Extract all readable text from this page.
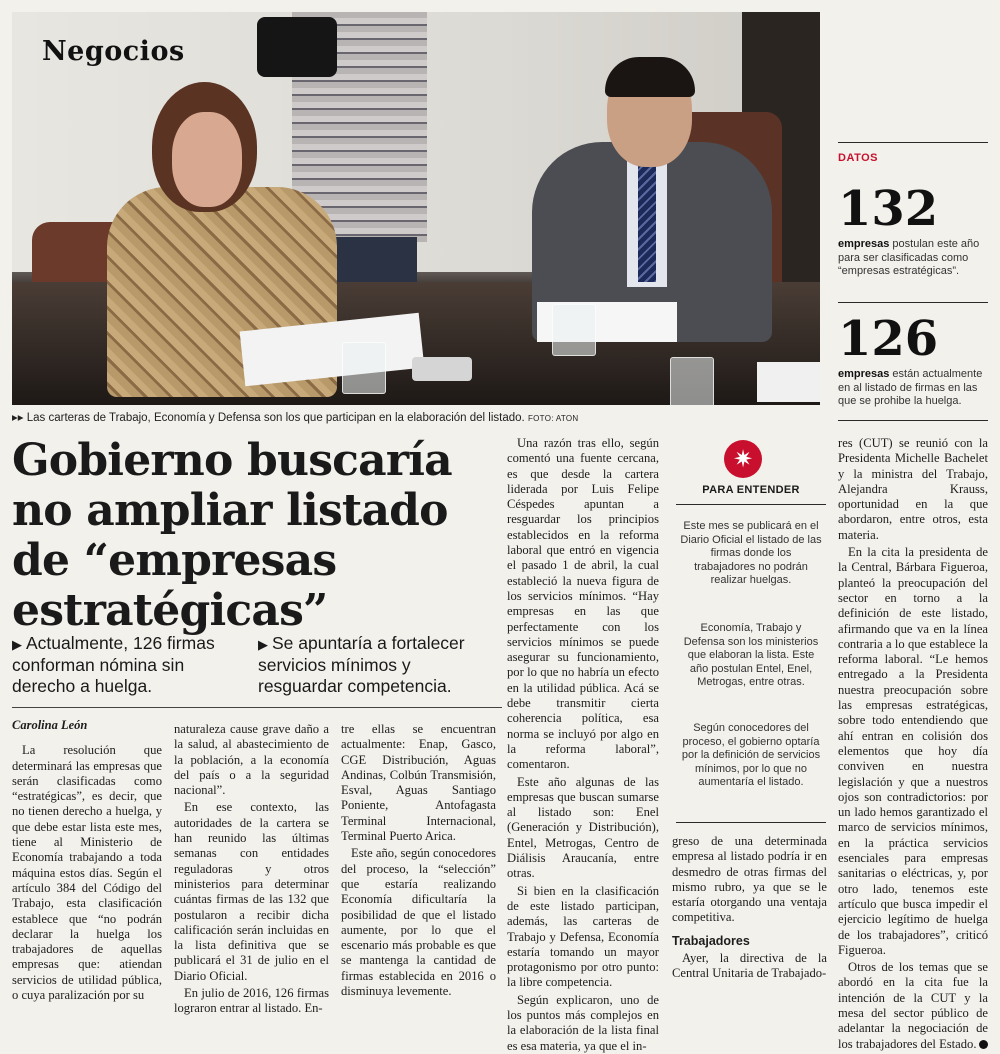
Negocios
▸▸ Las carteras de Trabajo, Economía y Defensa son los que participan en la elaboración del listado. FOTO: ATON
Gobierno buscaría no ampliar listado de “empresas estratégicas”
▶ Actualmente, 126 firmas conforman nómina sin derecho a huelga.
▶ Se apuntaría a fortalecer servicios mínimos y resguardar competencia.

Carolina León

La resolución que determinará las empresas que serán clasificadas como “estratégicas”, es decir, que no tienen derecho a huelga, y que debe estar lista este mes, tiene al Ministerio de Economía trabajando a toda máquina estos días. Según el artículo 384 del Código del Trabajo, esta clasificación establece que “no podrán declarar la huelga los trabajadores de aquellas empresas que: atiendan servicios de utilidad pública, o cuya paralización por su

naturaleza cause grave daño a la salud, al abastecimiento de la población, a la economía del país o a la seguridad nacional”.

En ese contexto, las autoridades de la cartera se han reunido las últimas semanas con entidades reguladoras y otros ministerios para determinar cuántas firmas de las 132 que postularon a recibir dicha calificación serán incluidas en la lista definitiva que se publicará el 31 de julio en el Diario Oficial.

En julio de 2016, 126 firmas lograron entrar al listado. En-

tre ellas se encuentran actualmente: Enap, Gasco, CGE Distribución, Aguas Andinas, Colbún Transmisión, Esval, Aguas Santiago Poniente, Antofagasta Terminal Internacional, Terminal Puerto Arica.

Este año, según conocedores del proceso, la “selección” que estaría realizando Economía dificultaría la posibilidad de que el listado aumente, por lo que el escenario más probable es que se mantenga la cantidad de firmas establecida en 2016 o disminuya levemente.

Una razón tras ello, según comentó una fuente cercana, es que desde la cartera liderada por Luis Felipe Céspedes apuntan a resguardar los principios establecidos en la reforma laboral que entró en vigencia el pasado 1 de abril, la cual estableció la nueva figura de los servicios mínimos. “Hay empresas en las que perfectamente con los servicios mínimos se puede asegurar su funcionamiento, por lo que no habría un efecto en la utilidad pública. Acá se debe transmitir cierta coherencia política, esa norma se incluyó por algo en la reforma laboral”, comentaron.

Este año algunas de las empresas que buscan sumarse al listado son: Enel (Generación y Distribución), Entel, Metrogas, Centro de Diálisis Araucanía, entre otras.

Si bien en la clasificación de este listado participan, además, las carteras de Trabajo y Defensa, Economía estaría tomando un mayor protagonismo por otro punto: la libre competencia.

Según explicaron, uno de los puntos más complejos en la elaboración de la lista final es esa materia, ya que el in-

✷
PARA ENTENDER
Este mes se publicará en el Diario Oficial el listado de las firmas donde los trabajadores no podrán realizar huelgas.
Economía, Trabajo y Defensa son los ministerios que elaboran la lista. Este año postulan Entel, Enel, Metrogas, entre otras.
Según conocedores del proceso, el gobierno optaría por la definición de servicios mínimos, por lo que no aumentaría el listado.

greso de una determinada empresa al listado podría ir en desmedro de otras firmas del mismo rubro, ya que se le estaría otorgando una ventaja competitiva.

Trabajadores

Ayer, la directiva de la Central Unitaria de Trabajado-

res (CUT) se reunió con la Presidenta Michelle Bachelet y la ministra del Trabajo, Alejandra Krauss, oportunidad en la que abordaron, entre otros, esta materia.

En la cita la presidenta de la Central, Bárbara Figueroa, planteó la preocupación del sector en torno a la definición de este listado, afirmando que va en la línea contraria a lo que establece la reforma laboral. “Le hemos entregado a la Presidenta nuestra preocupación sobre las empresas estratégicas, sobre todo entendiendo que ahí entran en colisión dos elementos que hoy día conviven en nuestra legislación y que a nuestros ojos son contradictorios: por un lado hemos garantizado el marco de servicios mínimos, en la práctica servicios esenciales para empresas sanitarias o eléctricas, y, por otro lado, tenemos este artículo que busca impedir el ejercicio legítimo de huelga de los trabajadores”, criticó Figueroa.

Otros de los temas que se abordó en la cita fue la intención de la CUT y la mesa del sector público de adelantar la negociación de los trabajadores del Estado.

DATOS
132
empresas postulan este año para ser clasificadas como “empresas estratégicas”.
126
empresas están actualmente en al listado de firmas en las que se prohibe la huelga.
